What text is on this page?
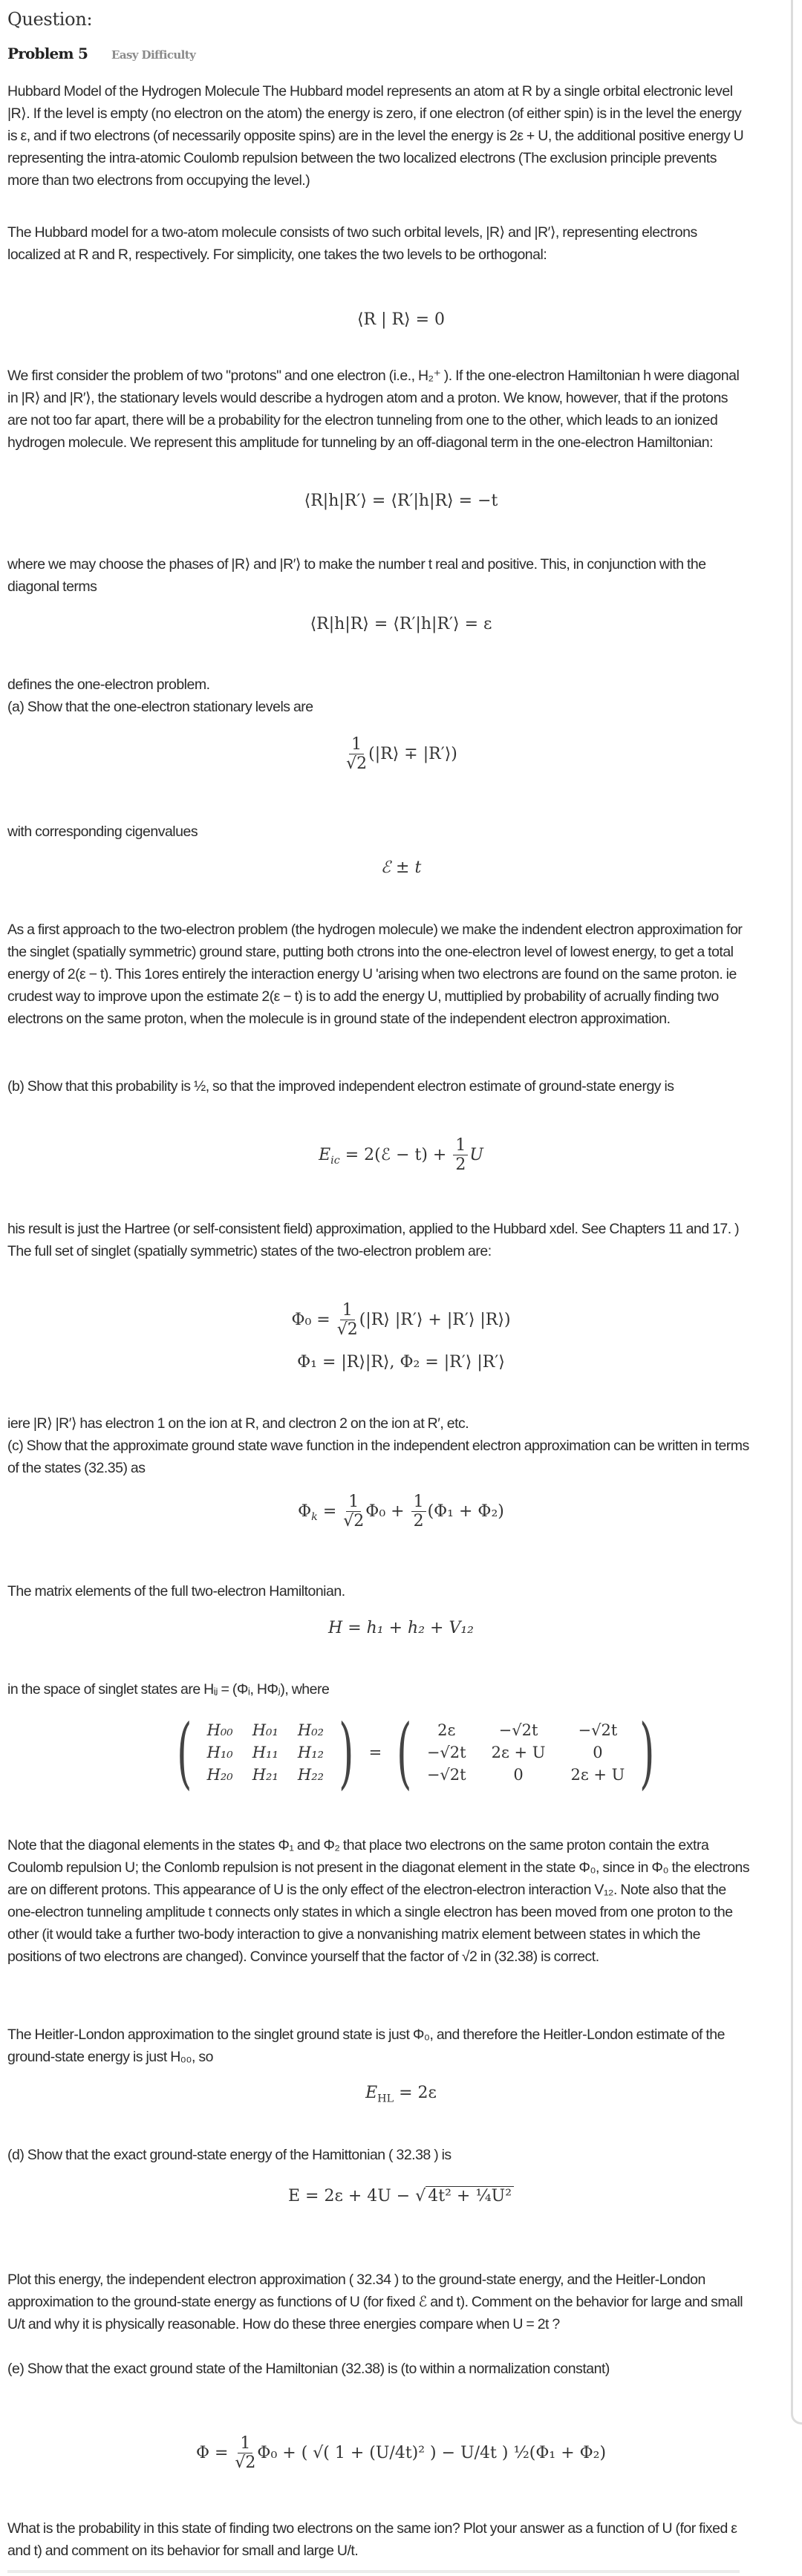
Question:
Problem 5 Easy Difficulty
Hubbard Model of the Hydrogen Molecule The Hubbard model represents an atom at R by a single orbital electronic level |R⟩. If the level is empty (no electron on the atom) the energy is zero, if one electron (of either spin) is in the level the energy is ε, and if two electrons (of necessarily opposite spins) are in the level the energy is 2ε + U, the additional positive energy U representing the intra-atomic Coulomb repulsion between the two localized electrons (The exclusion principle prevents more than two electrons from occupying the level.)
The Hubbard model for a two-atom molecule consists of two such orbital levels, |R⟩ and |R′⟩, representing electrons localized at R and R, respectively. For simplicity, one takes the two levels to be orthogonal:
⟨R | R⟩ = 0
We first consider the problem of two "protons" and one electron (i.e., H₂⁺ ). If the one-electron Hamiltonian h were diagonal in |R⟩ and |R′⟩, the stationary levels would describe a hydrogen atom and a proton. We know, however, that if the protons are not too far apart, there will be a probability for the electron tunneling from one to the other, which leads to an ionized hydrogen molecule. We represent this amplitude for tunneling by an off-diagonal term in the one-electron Hamiltonian:
⟨R|h|R′⟩ = ⟨R′|h|R⟩ = −t
where we may choose the phases of |R⟩ and |R′⟩ to make the number t real and positive. This, in conjunction with the diagonal terms
⟨R|h|R⟩ = ⟨R′|h|R′⟩ = ε
defines the one-electron problem.
(a) Show that the one-electron stationary levels are
$\frac{1}{√2}$ (|R⟩ ∓ |R′⟩)
with corresponding cigenvalues
ℰ ± t
As a first approach to the two-electron problem (the hydrogen molecule) we make the indendent electron approximation for the singlet (spatially symmetric) ground stare, putting both ctrons into the one-electron level of lowest energy, to get a total energy of 2(ε − t). This 1ores entirely the interaction energy U 'arising when two electrons are found on the same proton. ie crudest way to improve upon the estimate 2(ε − t) is to add the energy U, muttiplied by probability of acrually finding two electrons on the same proton, when the molecule is in ground state of the independent electron approximation.
(b) Show that this probability is ½, so that the improved independent electron estimate of ground-state energy is
$E_{ic}$ = 2(ℰ − $t) + \frac{1}{2}$ U
his result is just the Hartree (or self-consistent field) approximation, applied to the Hubbard xdel. See Chapters 11 and 17. ) The full set of singlet (spatially symmetric) states of the two-electron problem are:
$\Phi_0 = \frac{1}{√2}$ (|R⟩ |R′⟩ + |R′⟩ |R⟩)
Φ₁ = |R⟩|R⟩, Φ₂ = |R′⟩ |R′⟩
iere |R⟩ |R′⟩ has electron 1 on the ion at R, and clectron 2 on the ion at R′, etc.
(c) Show that the approximate ground state wave function in the independent electron approximation can be written in terms of the states (32.35) as
$\Phi_k = \frac{1}{√2} \Phi_0 + \frac{1}{2} (\Phi_1 + \Phi_2)$
The matrix elements of the full two-electron Hamiltonian.
H = h₁ + h₂ + V₁₂
in the space of singlet states are Hᵢⱼ = (Φᵢ, HΦⱼ), where
( H₀₀ H₀₁ H₀₂
H₁₀ H₁₁ H₁₂
H₂₀ H₂₁ H₂₂ ) = (	2ε	−√2t	−√2t
−√2t 2ε + U	0
−√2t	0	2ε + U )
Note that the diagonal elements in the states Φ₁ and Φ₂ that place two electrons on the same proton contain the extra Coulomb repulsion U; the Conlomb repulsion is not present in the diagonat element in the state Φ₀, since in Φ₀ the electrons are on different protons. This appearance of U is the only effect of the electron-electron interaction V₁₂. Note also that the one-electron tunneling amplitude t connects only states in which a single electron has been moved from one proton to the other (it would take a further two-body interaction to give a nonvanishing matrix element between states in which the positions of two electrons are changed). Convince yourself that the factor of √2 in (32.38) is correct.
The Heitler-London approximation to the singlet ground state is just Φ₀, and therefore the Heitler-London estimate of the ground-state energy is just H₀₀, so
$E_{HL} = 2\varepsilon$
(d) Show that the exact ground-state energy of the Hamittonian ( 32.38 ) is
E = 2ε + 4U − √ 4t² + ¼U²
Plot this energy, the independent electron approximation ( 32.34 ) to the ground-state energy, and the Heitler-London approximation to the ground-state energy as functions of U (for fixed ℰ and t). Comment on the behavior for large and small U/t and why it is physically reasonable. How do these three energies compare when U = 2t ?
(e) Show that the exact ground state of the Hamiltonian (32.38) is (to within a normalization constant)
$\Phi = \frac{1}{√2} \Phi_0$ + ( √( 1 + (U/4t)² ) − U/4t ) ½(Φ₁ + Φ₂)
What is the probability in this state of finding two electrons on the same ion? Plot your answer as a function of U (for fixed ε and t) and comment on its behavior for small and large U/t.
